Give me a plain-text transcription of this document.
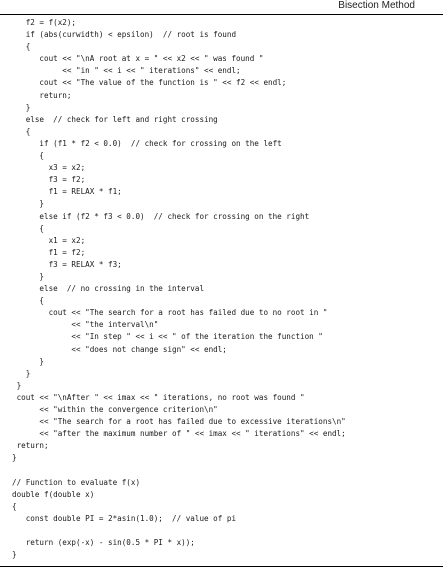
Bisection Method
f2 = f(x2);
if (abs(curwidth) < epsilon)  // root is found
{
cout << "\nA root at x = " << x2 << " was found "
<< "in " << i << " iterations" << endl;
cout << "The value of the function is " << f2 << endl;
return;
}
else  // check for left and right crossing
{
if (f1 * f2 < 0.0)  // check for crossing on the left
{
x3 = x2;
f3 = f2;
f1 = RELAX * f1;
}
else if (f2 * f3 < 0.0)  // check for crossing on the right
{
x1 = x2;
f1 = f2;
f3 = RELAX * f3;
}
else  // no crossing in the interval
{
cout << "The search for a root has failed due to no root in "
<< "the interval\n"
<< "In step " << i << " of the iteration the function "
<< "does not change sign" << endl;
}
}
}
cout << "\nAfter " << imax << " iterations, no root was found "
<< "within the convergence criterion\n"
<< "The search for a root has failed due to excessive iterations\n"
<< "after the maximum number of " << imax << " iterations" << endl;
return;
}
// Function to evaluate f(x)
double f(double x)
{
const double PI = 2*asin(1.0);  // value of pi
return (exp(-x) - sin(0.5 * PI * x));
}
